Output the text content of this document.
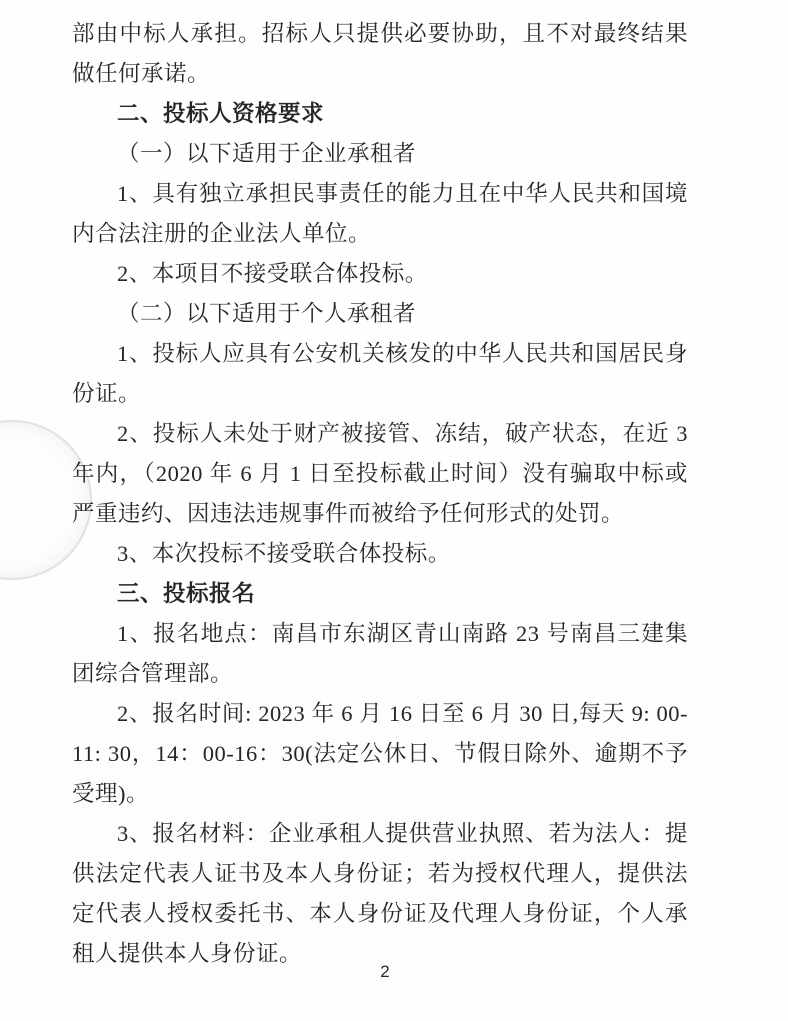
部由中标人承担。招标人只提供必要协助，且不对最终结果做任何承诺。

二、投标人资格要求

（一）以下适用于企业承租者

1、具有独立承担民事责任的能力且在中华人民共和国境内合法注册的企业法人单位。

2、本项目不接受联合体投标。

（二）以下适用于个人承租者

1、投标人应具有公安机关核发的中华人民共和国居民身份证。

2、投标人未处于财产被接管、冻结，破产状态，在近 3 年内，（2020 年 6 月 1 日至投标截止时间）没有骗取中标或严重违约、因违法违规事件而被给予任何形式的处罚。

3、本次投标不接受联合体投标。

三、投标报名

1、报名地点：南昌市东湖区青山南路 23 号南昌三建集团综合管理部。

2、报名时间: 2023 年 6 月 16 日至 6 月 30 日,每天 9: 00-11: 30，14：00-16：30(法定公休日、节假日除外、逾期不予受理)。

3、报名材料：企业承租人提供营业执照、若为法人：提供法定代表人证书及本人身份证；若为授权代理人，提供法定代表人授权委托书、本人身份证及代理人身份证，个人承租人提供本人身份证。

2
